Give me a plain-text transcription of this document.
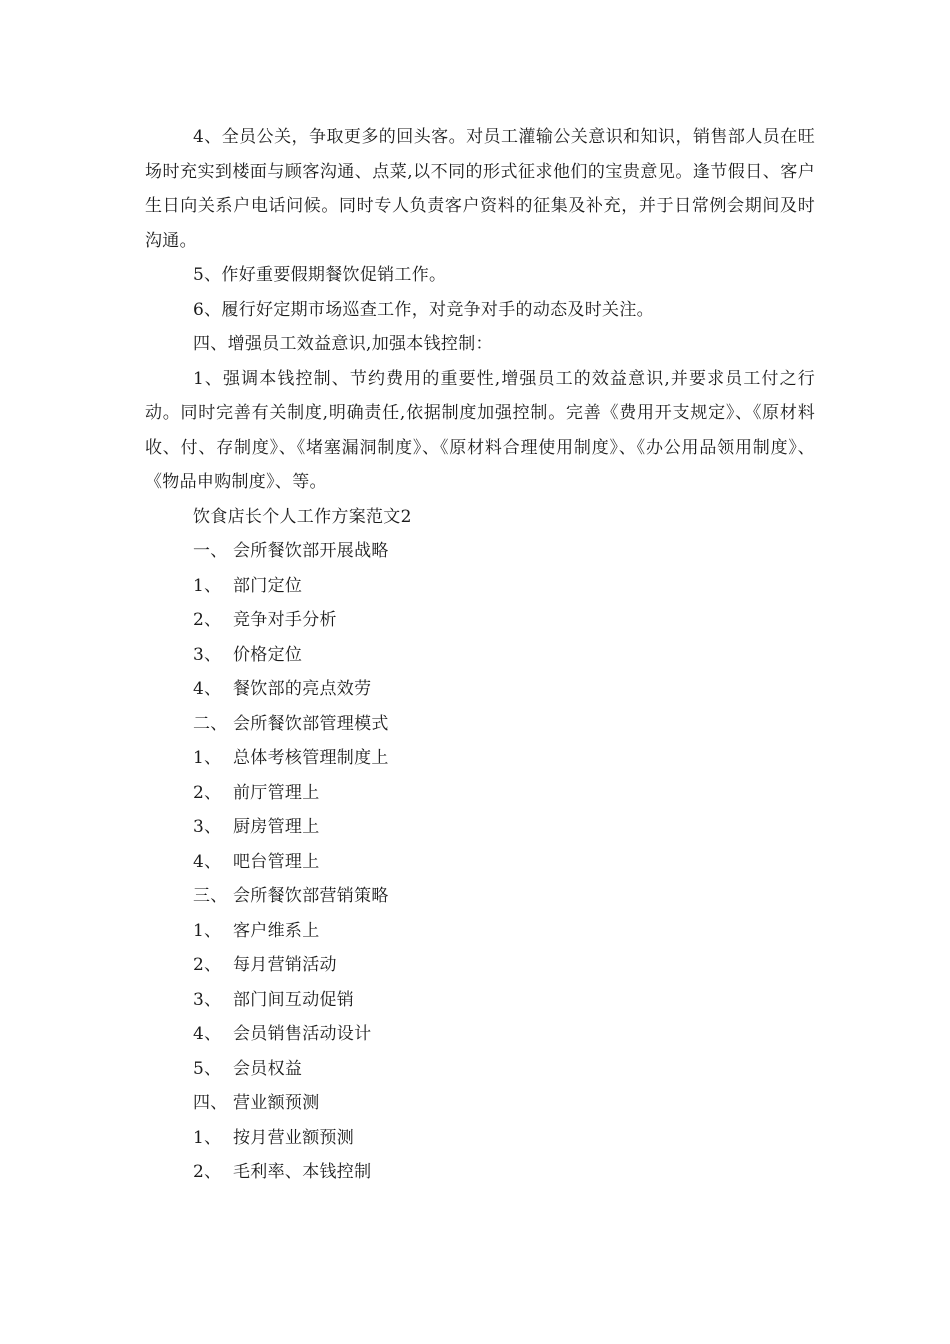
4、全员公关，争取更多的回头客。对员工灌输公关意识和知识，销售部人员在旺场时充实到楼面与顾客沟通、点菜,以不同的形式征求他们的宝贵意见。逢节假日、客户生日向关系户电话问候。同时专人负责客户资料的征集及补充，并于日常例会期间及时沟通。

5、作好重要假期餐饮促销工作。

6、履行好定期市场巡查工作，对竞争对手的动态及时关注。

四、增强员工效益意识,加强本钱控制：

1、强调本钱控制、节约费用的重要性,增强员工的效益意识,并要求员工付之行动。同时完善有关制度,明确责任,依据制度加强控制。完善《费用开支规定》、《原材料收、付、存制度》、《堵塞漏洞制度》、《原材料合理使用制度》、《办公用品领用制度》、《物品申购制度》、等。

饮食店长个人工作方案范文2

一、 会所餐饮部开展战略

1、 部门定位

2、 竞争对手分析

3、 价格定位

4、 餐饮部的亮点效劳

二、 会所餐饮部管理模式

1、 总体考核管理制度上

2、 前厅管理上

3、 厨房管理上

4、 吧台管理上

三、 会所餐饮部营销策略

1、 客户维系上

2、 每月营销活动

3、 部门间互动促销

4、 会员销售活动设计

5、 会员权益

四、 营业额预测

1、 按月营业额预测

2、 毛利率、本钱控制
